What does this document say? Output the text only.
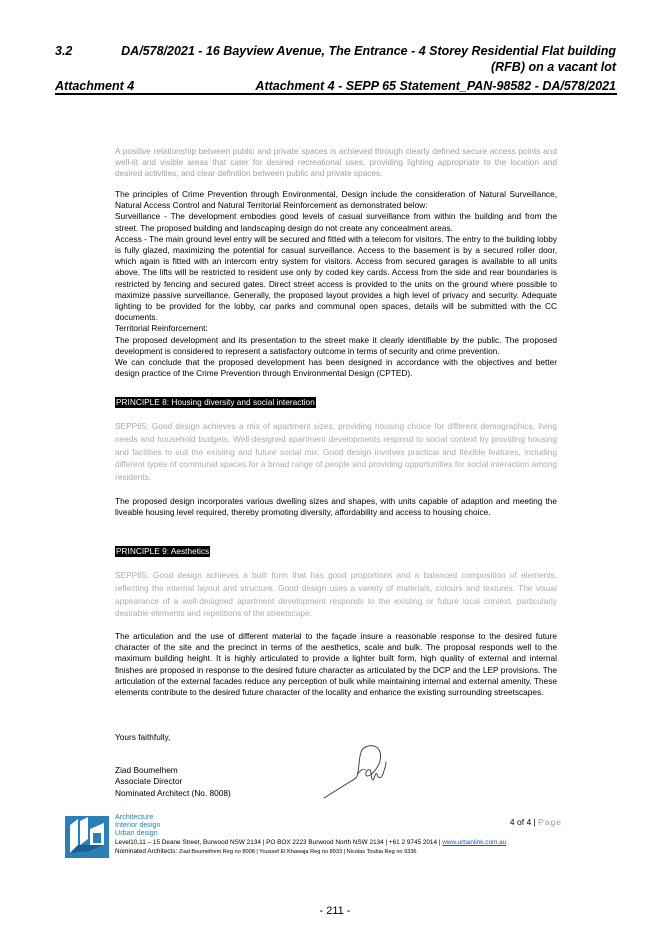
3.2	DA/578/2021 - 16 Bayview Avenue, The Entrance - 4 Storey Residential Flat building (RFB) on a vacant lot
Attachment 4	Attachment 4 - SEPP 65 Statement_PAN-98582 - DA/578/2021
A positive relationship between public and private spaces is achieved through clearly defined secure access points and well-lit and visible areas that cater for desired recreational uses, providing lighting appropriate to the location and desired activities, and clear definition between public and private spaces.
The principles of Crime Prevention through Environmental, Design include the consideration of Natural Surveillance, Natural Access Control and Natural Territorial Reinforcement as demonstrated below:
Surveillance - The development embodies good levels of casual surveillance from within the building and from the street. The proposed building and landscaping design do not create any concealment areas.
Access - The main ground level entry will be secured and fitted with a telecom for visitors. The entry to the building lobby is fully glazed, maximizing the potential for casual surveillance. Access to the basement is by a secured roller door, which again is fitted with an intercom entry system for visitors. Access from secured garages is available to all units above. The lifts will be restricted to resident use only by coded key cards. Access from the side and rear boundaries is restricted by fencing and secured gates. Direct street access is provided to the units on the ground where possible to maximize passive surveillance. Generally, the proposed layout provides a high level of privacy and security. Adequate lighting to be provided for the lobby, car parks and communal open spaces, details will be submitted with the CC documents.
Territorial Reinforcement:
The proposed development and its presentation to the street make it clearly identifiable by the public. The proposed development is considered to represent a satisfactory outcome in terms of security and crime prevention.
We can conclude that the proposed development has been designed in accordance with the objectives and better design practice of the Crime Prevention through Environmental Design (CPTED).
PRINCIPLE 8: Housing diversity and social interaction
SEPP65: Good design achieves a mix of apartment sizes, providing housing choice for different demographics, living needs and household budgets. Well-designed apartment developments respond to social context by providing housing and facilities to suit the existing and future social mix. Good design involves practical and flexible features, including different types of communal spaces for a broad range of people and providing opportunities for social interaction among residents.
The proposed design incorporates various dwelling sizes and shapes, with units capable of adaption and meeting the liveable housing level required, thereby promoting diversity, affordability and access to housing choice.
PRINCIPLE 9: Aesthetics
SEPP65: Good design achieves a built form that has good proportions and a balanced composition of elements, reflecting the internal layout and structure. Good design uses a variety of materials, colours and textures. The visual appearance of a well-designed apartment development responds to the existing or future local context, particularly desirable elements and repetitions of the streetscape.
The articulation and the use of different material to the façade insure a reasonable response to the desired future character of the site and the precinct in terms of the aesthetics, scale and bulk. The proposal responds well to the maximum building height. It is highly articulated to provide a lighter built form, high quality of external and internal finishes are proposed in response to the desired future character as articulated by the DCP and the LEP provisions. The articulation of the external facades reduce any perception of bulk while maintaining internal and external amenity. These elements contribute to the desired future character of the locality and enhance the existing surrounding streetscapes.
Yours faithfully,
Ziad Boumelhem
Associate Director
Nominated Architect (No. 8008)
Architecture
Interior design
Urban design
4 of 4 | Page
Level10,11 – 15 Deane Street, Burwood NSW 2134 | PO BOX 2223 Burwood North NSW 2134 | +61 2 9745 2014 | www.urbanlink.com.au
Nominated Architects: Ziad Boumelhem Reg no 8008 | Youssef El Khawaja Reg no 8933 | Nicolas Toubia Reg no 9336
- 211 -
